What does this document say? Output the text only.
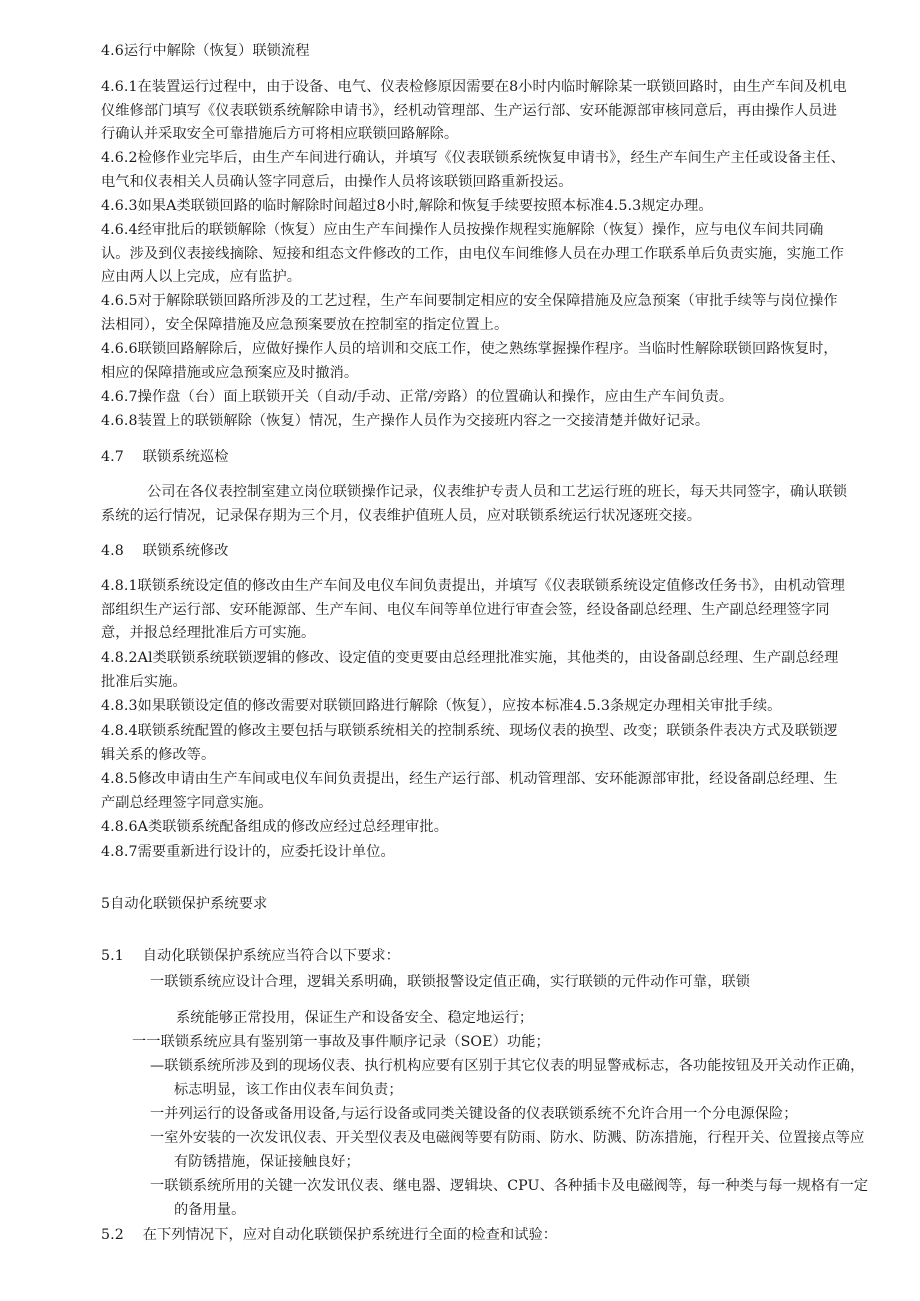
4.6运行中解除（恢复）联锁流程

4.6.1在装置运行过程中，由于设备、电气、仪表检修原因需要在8小时内临时解除某一联锁回路时，由生产车间及机电仪维修部门填写《仪表联锁系统解除申请书》，经机动管理部、生产运行部、安环能源部审核同意后，再由操作人员进行确认并采取安全可靠措施后方可将相应联锁回路解除。

4.6.2检修作业完毕后，由生产车间进行确认，并填写《仪表联锁系统恢复申请书》，经生产车间生产主任或设备主任、电气和仪表相关人员确认签字同意后，由操作人员将该联锁回路重新投运。

4.6.3如果A类联锁回路的临时解除时间超过8小时,解除和恢复手续要按照本标准4.5.3规定办理。

4.6.4经审批后的联锁解除（恢复）应由生产车间操作人员按操作规程实施解除（恢复）操作，应与电仪车间共同确认。涉及到仪表接线摘除、短接和组态文件修改的工作，由电仪车间维修人员在办理工作联系单后负责实施，实施工作应由两人以上完成，应有监护。

4.6.5对于解除联锁回路所涉及的工艺过程，生产车间要制定相应的安全保障措施及应急预案（审批手续等与岗位操作法相同），安全保障措施及应急预案要放在控制室的指定位置上。

4.6.6联锁回路解除后，应做好操作人员的培训和交底工作，使之熟练掌握操作程序。当临时性解除联锁回路恢复时，相应的保障措施或应急预案应及时撤消。

4.6.7操作盘（台）面上联锁开关（自动/手动、正常/旁路）的位置确认和操作，应由生产车间负责。

4.6.8装置上的联锁解除（恢复）情况，生产操作人员作为交接班内容之一交接清楚并做好记录。

4.7　 联锁系统巡检

公司在各仪表控制室建立岗位联锁操作记录，仪表维护专责人员和工艺运行班的班长，每天共同签字，确认联锁系统的运行情况，记录保存期为三个月，仪表维护值班人员，应对联锁系统运行状况逐班交接。

4.8　 联锁系统修改

4.8.1联锁系统设定值的修改由生产车间及电仪车间负责提出，并填写《仪表联锁系统设定值修改任务书》，由机动管理部组织生产运行部、安环能源部、生产车间、电仪车间等单位进行审查会签，经设备副总经理、生产副总经理签字同意，并报总经理批准后方可实施。

4.8.2Al类联锁系统联锁逻辑的修改、设定值的变更要由总经理批准实施，其他类的，由设备副总经理、生产副总经理批准后实施。

4.8.3如果联锁设定值的修改需要对联锁回路进行解除（恢复），应按本标准4.5.3条规定办理相关审批手续。

4.8.4联锁系统配置的修改主要包括与联锁系统相关的控制系统、现场仪表的换型、改变；联锁条件表决方式及联锁逻辑关系的修改等。

4.8.5修改申请由生产车间或电仪车间负责提出，经生产运行部、机动管理部、安环能源部审批，经设备副总经理、生产副总经理签字同意实施。

4.8.6A类联锁系统配备组成的修改应经过总经理审批。

4.8.7需要重新进行设计的，应委托设计单位。

5自动化联锁保护系统要求

5.1　 自动化联锁保护系统应当符合以下要求：

一联锁系统应设计合理，逻辑关系明确，联锁报警设定值正确，实行联锁的元件动作可靠，联锁

系统能够正常投用，保证生产和设备安全、稳定地运行；

一一联锁系统应具有鉴别第一事故及事件顺序记录（SOE）功能；

—联锁系统所涉及到的现场仪表、执行机构应要有区别于其它仪表的明显警戒标志，各功能按钮及开关动作正确，标志明显，该工作由仪表车间负责；

一并列运行的设备或备用设备,与运行设备或同类关键设备的仪表联锁系统不允许合用一个分电源保险；

一室外安装的一次发讯仪表、开关型仪表及电磁阀等要有防雨、防水、防溅、防冻措施，行程开关、位置接点等应有防锈措施，保证接触良好；

一联锁系统所用的关键一次发讯仪表、继电器、逻辑块、CPU、各种插卡及电磁阀等，每一种类与每一规格有一定的备用量。

5.2　 在下列情况下，应对自动化联锁保护系统进行全面的检查和试验：
